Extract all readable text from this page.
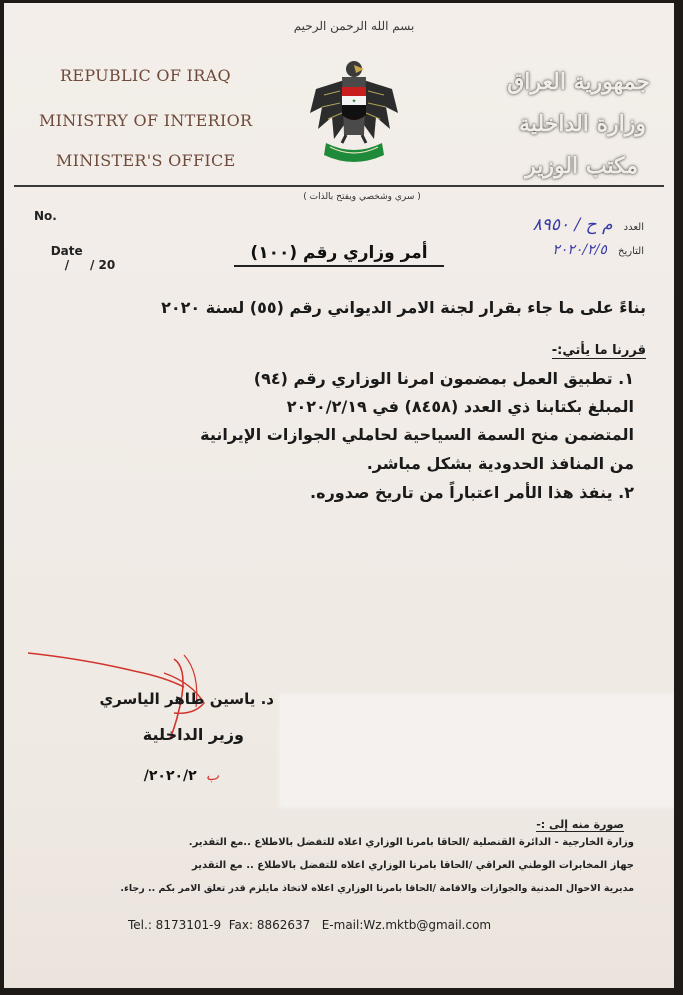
بسم الله الرحمن الرحيم
REPUBLIC OF IRAQ
MINISTRY OF INTERIOR
MINISTER'S OFFICE
✦
جمهورية العراق
وزارة الداخلية
مكتب الوزير
( سري وشخصي ويفتح بالذات )
No.

Date
/     / 20

العدد م ح / ٨٩٥٠
التاريخ ٢٠٢٠/٢/٥
أمر وزاري رقم (١٠٠)
بناءً على ما جاء بقرار لجنة الامر الديواني رقم (٥٥) لسنة ٢٠٢٠
قررنا ما يأتي:-
١. تطبيق العمل بمضمون امرنا الوزاري رقم (٩٤)
المبلغ بكتابنا ذي العدد (٨٤٥٨) في ٢٠٢٠/٢/١٩
المتضمن منح السمة السياحية لحاملي الجوازات الإيرانية
من المنافذ الحدودية بشكل مباشر.
٢. ينفذ هذا الأمر اعتباراً من تاريخ صدوره.
د. ياسين طاهر الياسري
وزير الداخلية
ب ٢٠٢٠/٢/
صورة منه إلى :-
وزارة الخارجية - الدائرة القنصلية /الحاقا بامرنا الوزاري اعلاه للتفضل بالاطلاع ..مع التقدير.
جهاز المخابرات الوطني العراقي /الحاقا بامرنا الوزاري اعلاه للتفضل بالاطلاع .. مع التقدير
مديرية الاحوال المدنية والجوازات والاقامة /الحاقا بامرنا الوزاري اعلاه لاتخاذ مايلزم قدر تعلق الامر بكم .. رجاء.
Tel.: 8173101-9  Fax: 8862637   E-mail:Wz.mktb@gmail.com
